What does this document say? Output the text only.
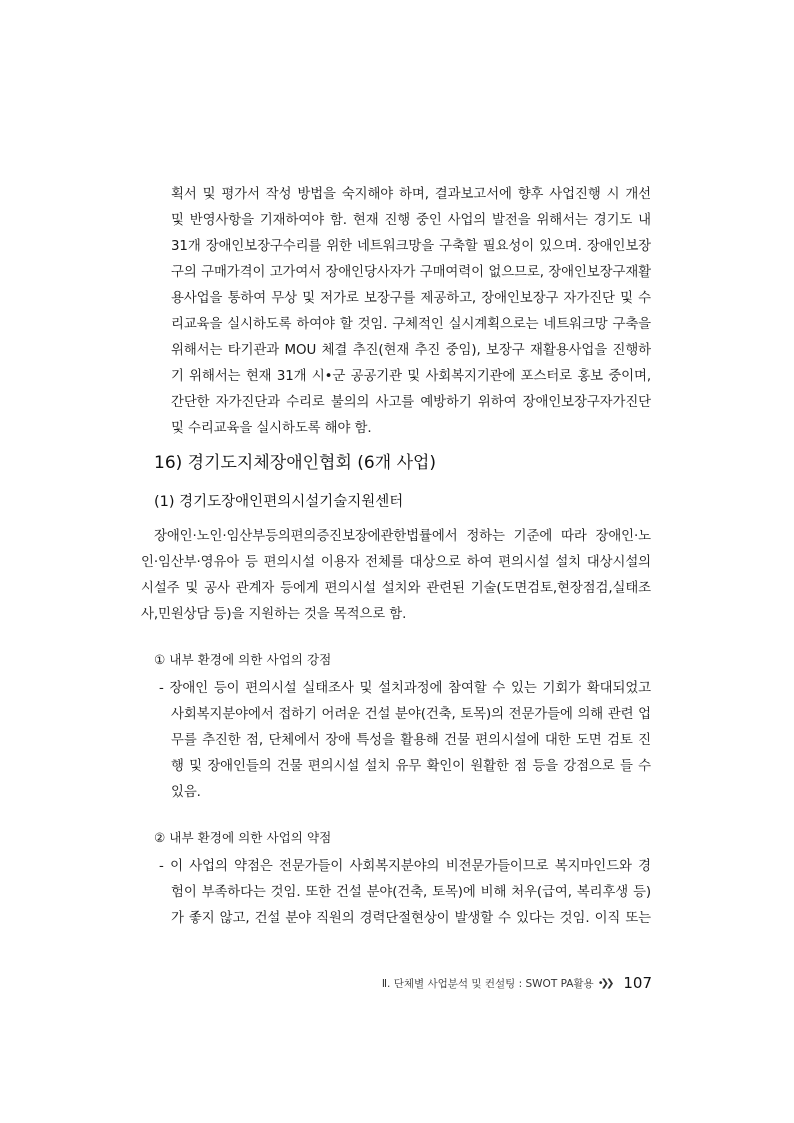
획서 및 평가서 작성 방법을 숙지해야 하며, 결과보고서에 향후 사업진행 시 개선
및 반영사항을 기재하여야 함. 현재 진행 중인 사업의 발전을 위해서는 경기도 내
31개 장애인보장구수리를 위한 네트워크망을 구축할 필요성이 있으며. 장애인보장
구의 구매가격이 고가여서 장애인당사자가 구매여력이 없으므로, 장애인보장구재활
용사업을 통하여 무상 및 저가로 보장구를 제공하고, 장애인보장구 자가진단 및 수
리교육을 실시하도록 하여야 할 것임. 구체적인 실시계획으로는 네트워크망 구축을
위해서는 타기관과 MOU 체결 추진(현재 추진 중임), 보장구 재활용사업을 진행하
기 위해서는 현재 31개 시•군 공공기관 및 사회복지기관에 포스터로 홍보 중이며,
간단한 자가진단과 수리로 불의의 사고를 예방하기 위하여 장애인보장구자가진단
및 수리교육을 실시하도록 해야 함.
16) 경기도지체장애인협회 (6개 사업)
(1) 경기도장애인편의시설기술지원센터
장애인·노인·임산부등의편의증진보장에관한법률에서 정하는 기준에 따라 장애인·노
인·임산부·영유아 등 편의시설 이용자 전체를 대상으로 하여 편의시설 설치 대상시설의
시설주 및 공사 관계자 등에게 편의시설 설치와 관련된 기술(도면검토,현장점검,실태조
사,민원상담 등)을 지원하는 것을 목적으로 함.
① 내부 환경에 의한 사업의 강점
- 장애인 등이 편의시설 실태조사 및 설치과정에 참여할 수 있는 기회가 확대되었고
사회복지분야에서 접하기 어려운 건설 분야(건축, 토목)의 전문가들에 의해 관련 업
무를 추진한 점, 단체에서 장애 특성을 활용해 건물 편의시설에 대한 도면 검토 진
행 및 장애인들의 건물 편의시설 설치 유무 확인이 원활한 점 등을 강점으로 들 수
있음.
② 내부 환경에 의한 사업의 약점
- 이 사업의 약점은 전문가들이 사회복지분야의 비전문가들이므로 복지마인드와 경
험이 부족하다는 것임. 또한 건설 분야(건축, 토목)에 비해 처우(급여, 복리후생 등)
가 좋지 않고, 건설 분야 직원의 경력단절현상이 발생할 수 있다는 것임. 이직 또는
Ⅱ. 단체별 사업분석 및 컨설팅 : SWOT PA활용 •❯❯ 107
